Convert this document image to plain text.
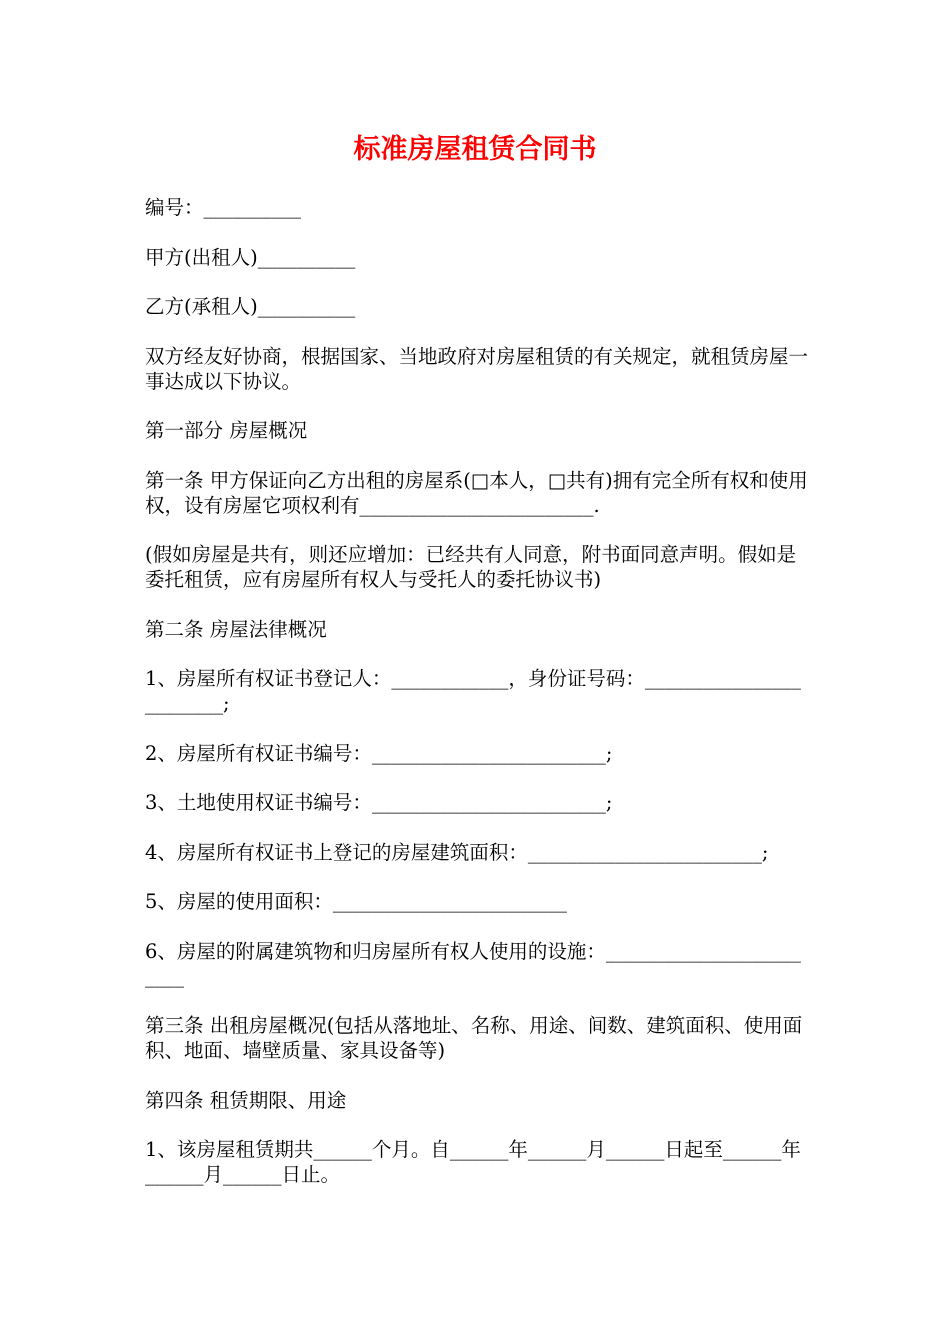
标准房屋租赁合同书

编号：__________

甲方(出租人)__________

乙方(承租人)__________

双方经友好协商，根据国家、当地政府对房屋租赁的有关规定，就租赁房屋一事达成以下协议。

第一部分 房屋概况

第一条 甲方保证向乙方出租的房屋系(□本人，□共有)拥有完全所有权和使用权，设有房屋它项权利有________________________.

(假如房屋是共有，则还应增加：已经共有人同意，附书面同意声明。假如是委托租赁，应有房屋所有权人与受托人的委托协议书)

第二条 房屋法律概况

1、房屋所有权证书登记人：____________，身份证号码：________________________;

2、房屋所有权证书编号：________________________;

3、土地使用权证书编号：________________________;

4、房屋所有权证书上登记的房屋建筑面积：________________________;

5、房屋的使用面积：________________________

6、房屋的附属建筑物和归房屋所有权人使用的设施：________________________

第三条 出租房屋概况(包括从落地址、名称、用途、间数、建筑面积、使用面积、地面、墙壁质量、家具设备等)

第四条 租赁期限、用途

1、该房屋租赁期共______个月。自______年______月______日起至______年______月______日止。
